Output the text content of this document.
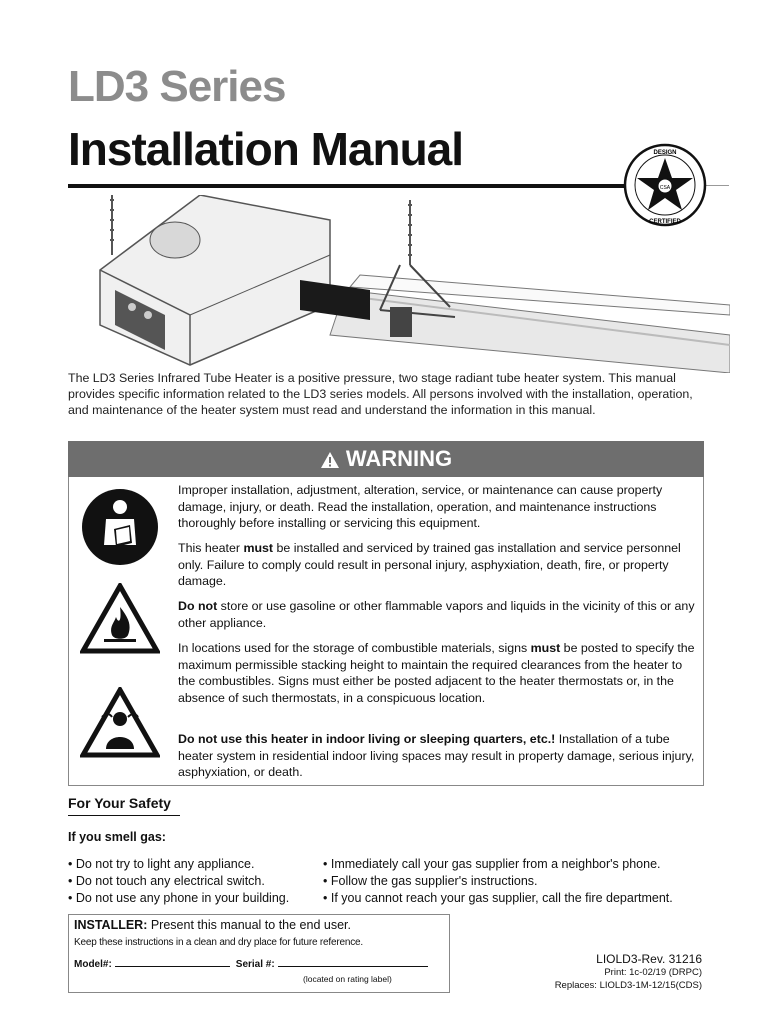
LD3 Series
Installation Manual
CSA
DESIGN
CERTIFIED
The LD3 Series Infrared Tube Heater is a positive pressure, two stage radiant tube heater system. This manual provides specific information related to the LD3 series models. All persons involved with the installation, operation, and maintenance of the heater system must read and understand the information in this manual.
WARNING
Improper installation, adjustment, alteration, service, or maintenance can cause property damage, injury, or death. Read the installation, operation, and maintenance instructions thoroughly before installing or servicing this equipment.
This heater must be installed and serviced by trained gas installation and service personnel only. Failure to comply could result in personal injury, asphyxiation, death, fire, or property damage.
Do not store or use gasoline or other flammable vapors and liquids in the vicinity of this or any other appliance.
In locations used for the storage of combustible materials, signs must be posted to specify the maximum permissible stacking height to maintain the required clearances from the heater to the combustibles. Signs must either be posted adjacent to the heater thermostats or, in the absence of such thermostats, in a conspicuous location.
Do not use this heater in indoor living or sleeping quarters, etc.! Installation of a tube heater system in residential indoor living spaces may result in property damage, serious injury, asphyxiation, or death.
For Your Safety
If you smell gas:
• Do not try to light any appliance.
• Do not touch any electrical switch.
• Do not use any phone in your building.
• Immediately call your gas supplier from a neighbor's phone.
• Follow the gas supplier's instructions.
• If you cannot reach your gas supplier, call the fire department.
INSTALLER: Present this manual to the end user.
Keep these instructions in a clean and dry place for future reference.
Model#:	Serial #:
(located on rating label)
LIOLD3-Rev. 31216
Print: 1c-02/19 (DRPC)
Replaces: LIOLD3-1M-12/15(CDS)
